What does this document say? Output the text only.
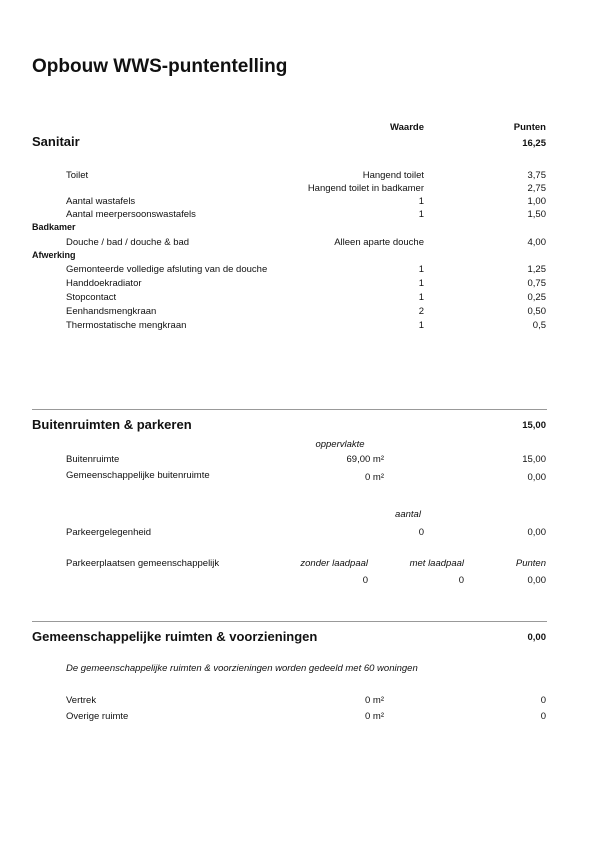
Opbouw WWS-puntentelling
Waarde	Punten
Sanitair	16,25
Toilet	Hangend toilet	3,75
Hangend toilet in badkamer	2,75
Aantal wastafels	1	1,00
Aantal meerpersoonswastafels	1	1,50
Badkamer
Douche / bad / douche & bad	Alleen aparte douche	4,00
Afwerking
Gemonteerde volledige afsluting van de douche	1	1,25
Handdoekradiator	1	0,75
Stopcontact	1	0,25
Eenhandsmengkraan	2	0,50
Thermostatische mengkraan	1	0,5
Buitenruimten & parkeren	15,00
oppervlakte
Buitenruimte	69,00 m²	15,00
Gemeenschappelijke buitenruimte	0 m²	0,00
aantal
Parkeergelegenheid	0	0,00
Parkeerplaatsen gemeenschappelijk	zonder laadpaal	met laadpaal	Punten
0	0	0,00
Gemeenschappelijke ruimten & voorzieningen	0,00
De gemeenschappelijke ruimten & voorzieningen worden gedeeld met 60 woningen
Vertrek	0 m²	0
Overige ruimte	0 m²	0
